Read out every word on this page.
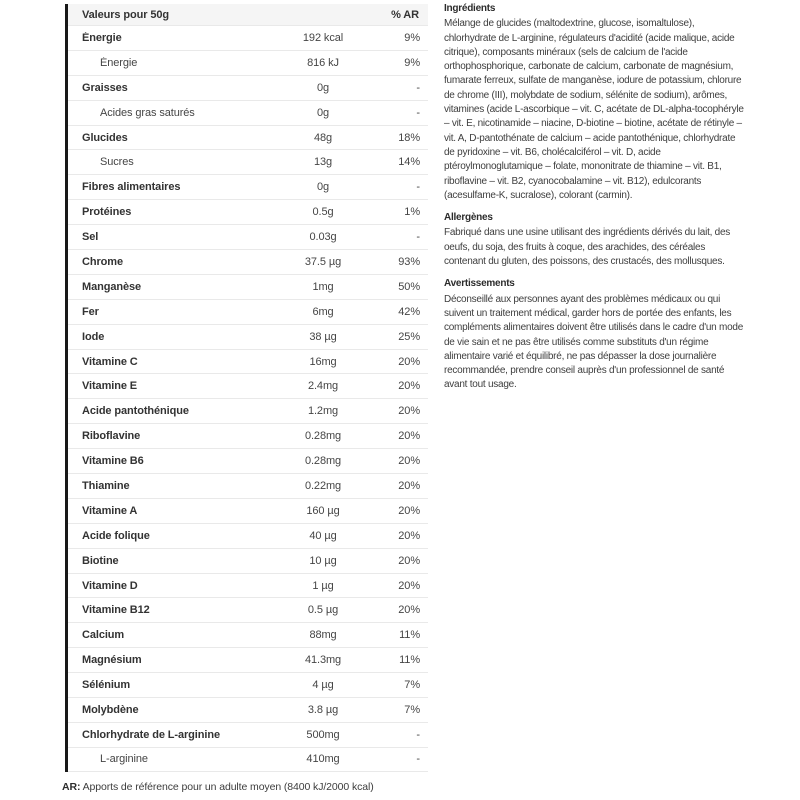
Valeurs pour 50g	% AR
Énergie	192 kcal	9%
Énergie	816 kJ	9%
Graisses	0g	-
Acides gras saturés	0g	-
Glucides	48g	18%
Sucres	13g	14%
Fibres alimentaires	0g	-
Protéines	0.5g	1%
Sel	0.03g	-
Chrome	37.5 µg	93%
Manganèse	1mg	50%
Fer	6mg	42%
Iode	38 µg	25%
Vitamine C	16mg	20%
Vitamine E	2.4mg	20%
Acide pantothénique	1.2mg	20%
Riboflavine	0.28mg	20%
Vitamine B6	0.28mg	20%
Thiamine	0.22mg	20%
Vitamine A	160 µg	20%
Acide folique	40 µg	20%
Biotine	10 µg	20%
Vitamine D	1 µg	20%
Vitamine B12	0.5 µg	20%
Calcium	88mg	11%
Magnésium	41.3mg	11%
Sélénium	4 µg	7%
Molybdène	3.8 µg	7%
Chlorhydrate de L-arginine	500mg	-
L-arginine	410mg	-
AR: Apports de référence pour un adulte moyen (8400 kJ/2000 kcal)
Ingrédients

Mélange de glucides (maltodextrine, glucose, isomaltulose), chlorhydrate de L-arginine, régulateurs d'acidité (acide malique, acide citrique), composants minéraux (sels de calcium de l'acide orthophosphorique, carbonate de calcium, carbonate de magnésium, fumarate ferreux, sulfate de manganèse, iodure de potassium, chlorure de chrome (III), molybdate de sodium, sélénite de sodium), arômes, vitamines (acide L-ascorbique – vit. C, acétate de DL-alpha-tocophéryle – vit. E, nicotinamide – niacine, D-biotine – biotine, acétate de rétinyle – vit. A, D-pantothénate de calcium – acide pantothénique, chlorhydrate de pyridoxine – vit. B6, cholécalciférol – vit. D, acide ptéroylmonoglutamique – folate, mononitrate de thiamine – vit. B1, riboflavine – vit. B2, cyanocobalamine – vit. B12), edulcorants (acesulfame-K, sucralose), colorant (carmin).

Allergènes

Fabriqué dans une usine utilisant des ingrédients dérivés du lait, des oeufs, du soja, des fruits à coque, des arachides, des céréales contenant du gluten, des poissons, des crustacés, des mollusques.

Avertissements

Déconseillé aux personnes ayant des problèmes médicaux ou qui suivent un traitement médical, garder hors de portée des enfants, les compléments alimentaires doivent être utilisés dans le cadre d'un mode de vie sain et ne pas être utilisés comme substituts d'un régime alimentaire varié et équilibré, ne pas dépasser la dose journalière recommandée, prendre conseil auprès d'un professionnel de santé avant tout usage.
